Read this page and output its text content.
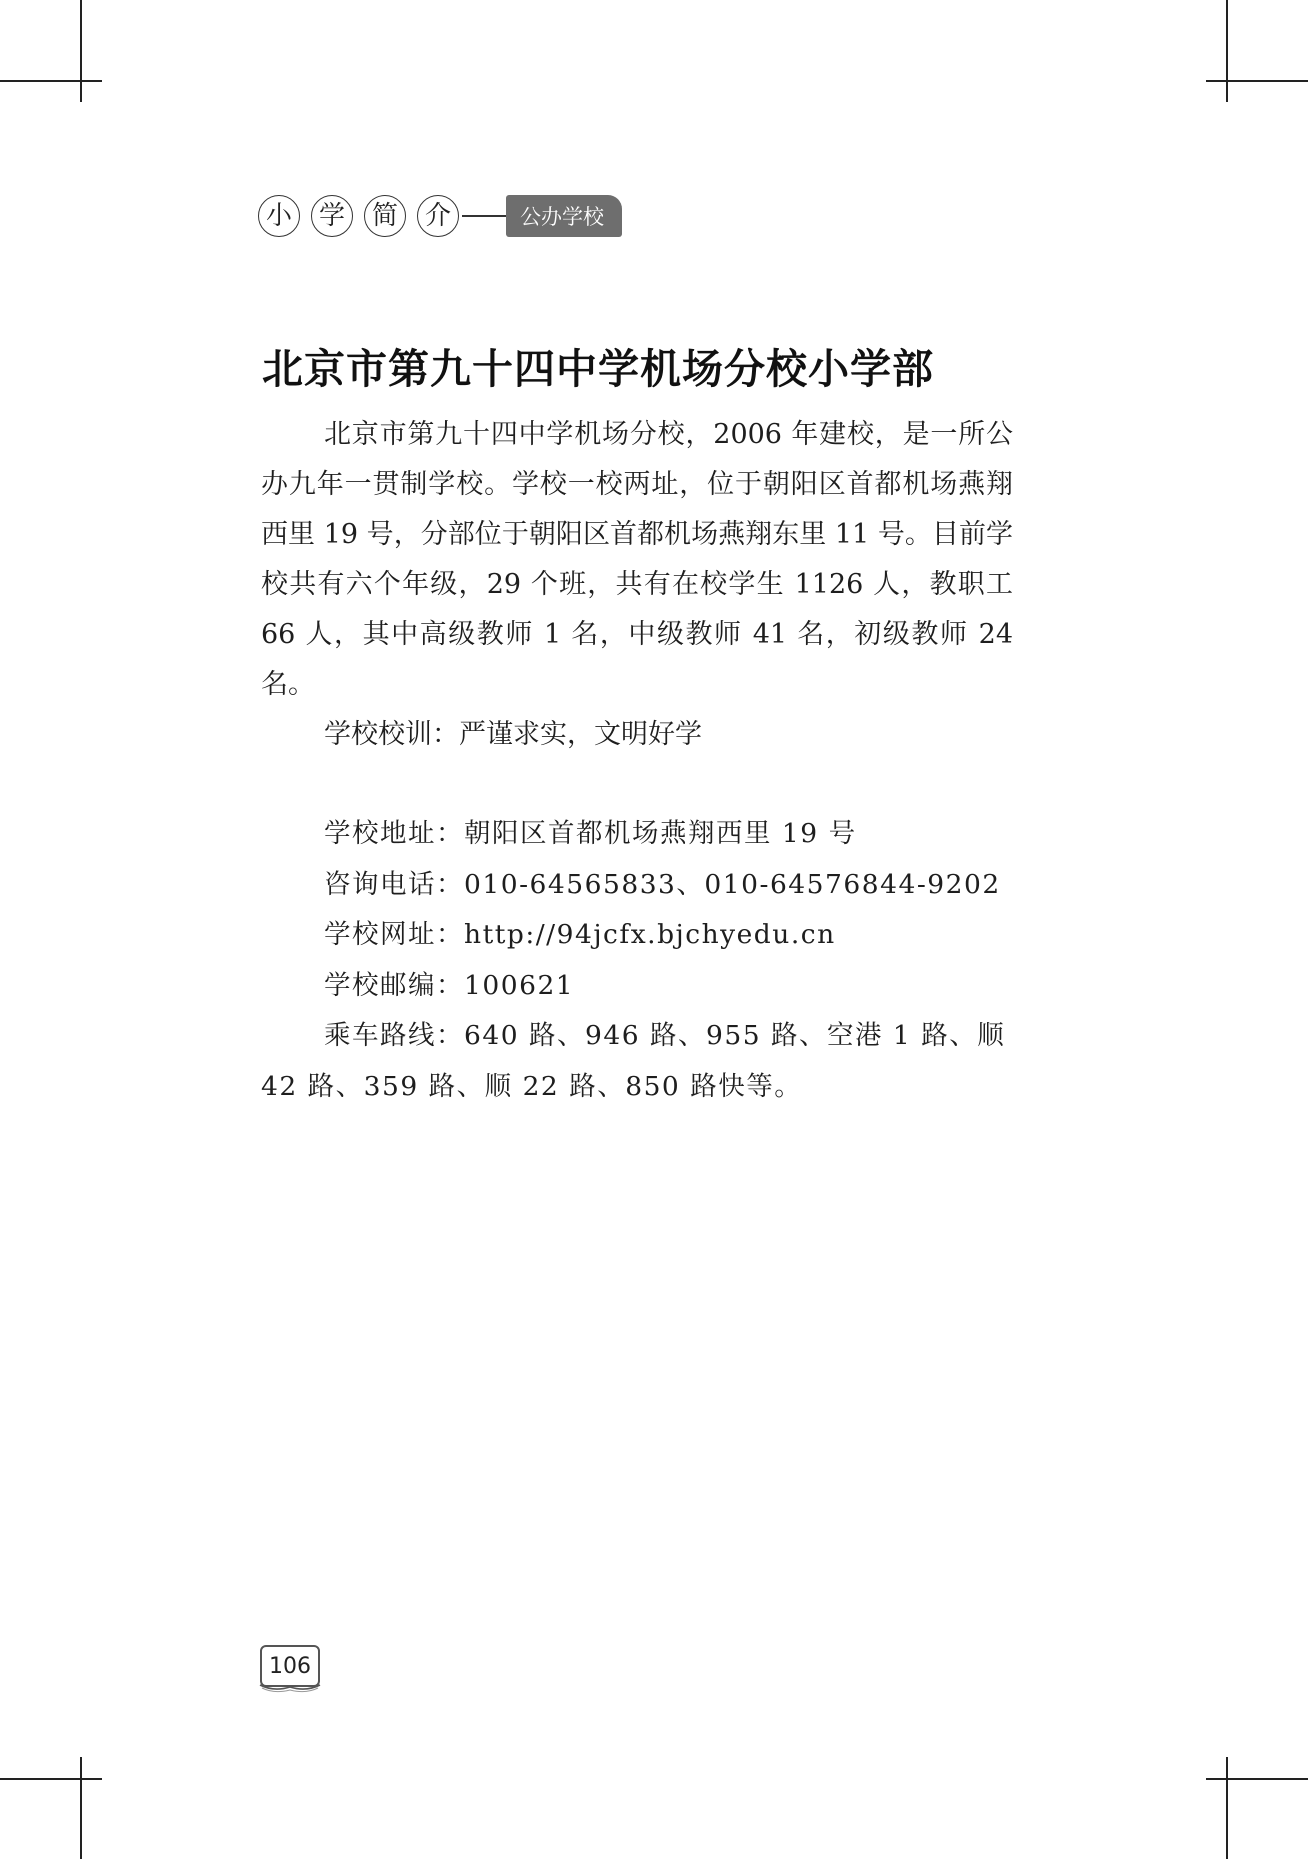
小	学	简	介	公办学校
北京市第九十四中学机场分校小学部

北京市第九十四中学机场分校，2006 年建校，是一所公办九年一贯制学校。学校一校两址，位于朝阳区首都机场燕翔西里 19 号，分部位于朝阳区首都机场燕翔东里 11 号。目前学校共有六个年级，29 个班，共有在校学生 1126 人，教职工 66 人，其中高级教师 1 名，中级教师 41 名，初级教师 24 名。

学校校训：严谨求实，文明好学

学校地址：朝阳区首都机场燕翔西里 19 号

咨询电话：010-64565833、010-64576844-9202

学校网址：http://94jcfx.bjchyedu.cn

学校邮编：100621

乘车路线：640 路、946 路、955 路、空港 1 路、顺 42 路、359 路、顺 22 路、850 路快等。

106
